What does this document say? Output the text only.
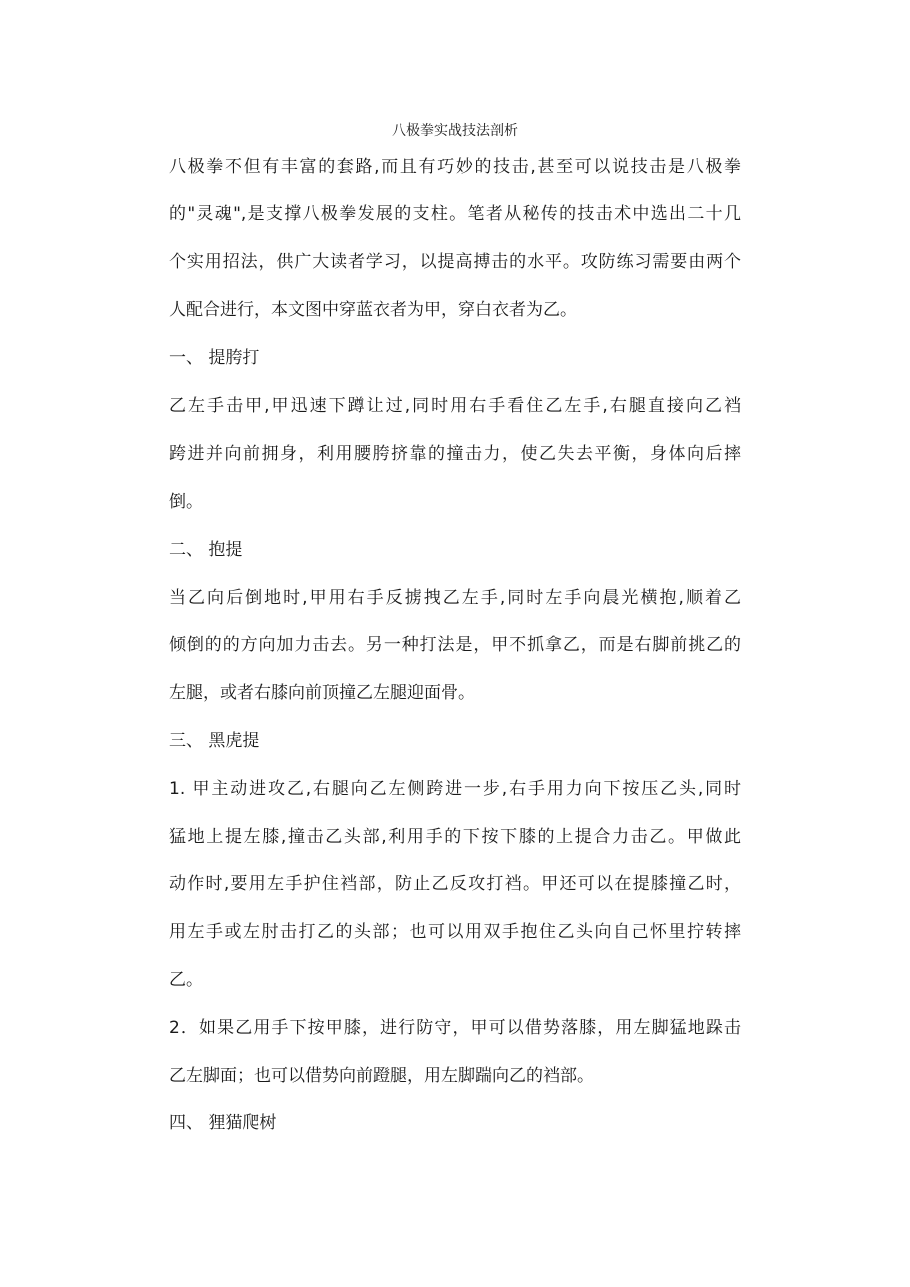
八极拳实战技法剖析
八极拳不但有丰富的套路,而且有巧妙的技击,甚至可以说技击是八极拳
的"灵魂",是支撑八极拳发展的支柱。笔者从秘传的技击术中选出二十几
个实用招法，供广大读者学习，以提高搏击的水平。攻防练习需要由两个
人配合进行，本文图中穿蓝衣者为甲，穿白衣者为乙。
一、 提胯打
乙左手击甲,甲迅速下蹲让过,同时用右手看住乙左手,右腿直接向乙裆
跨进并向前拥身，利用腰胯挤靠的撞击力，使乙失去平衡，身体向后摔
倒。
二、 抱提
当乙向后倒地时,甲用右手反掳拽乙左手,同时左手向晨光横抱,顺着乙
倾倒的的方向加力击去。另一种打法是，甲不抓拿乙，而是右脚前挑乙的
左腿，或者右膝向前顶撞乙左腿迎面骨。
三、 黑虎提
1. 甲主动进攻乙,右腿向乙左侧跨进一步,右手用力向下按压乙头,同时
猛地上提左膝,撞击乙头部,利用手的下按下膝的上提合力击乙。甲做此
动作时,要用左手护住裆部，防止乙反攻打裆。甲还可以在提膝撞乙时，
用左手或左肘击打乙的头部；也可以用双手抱住乙头向自己怀里拧转摔
乙。
2．如果乙用手下按甲膝，进行防守，甲可以借势落膝，用左脚猛地跺击
乙左脚面；也可以借势向前蹬腿，用左脚踹向乙的裆部。
四、 狸猫爬树
